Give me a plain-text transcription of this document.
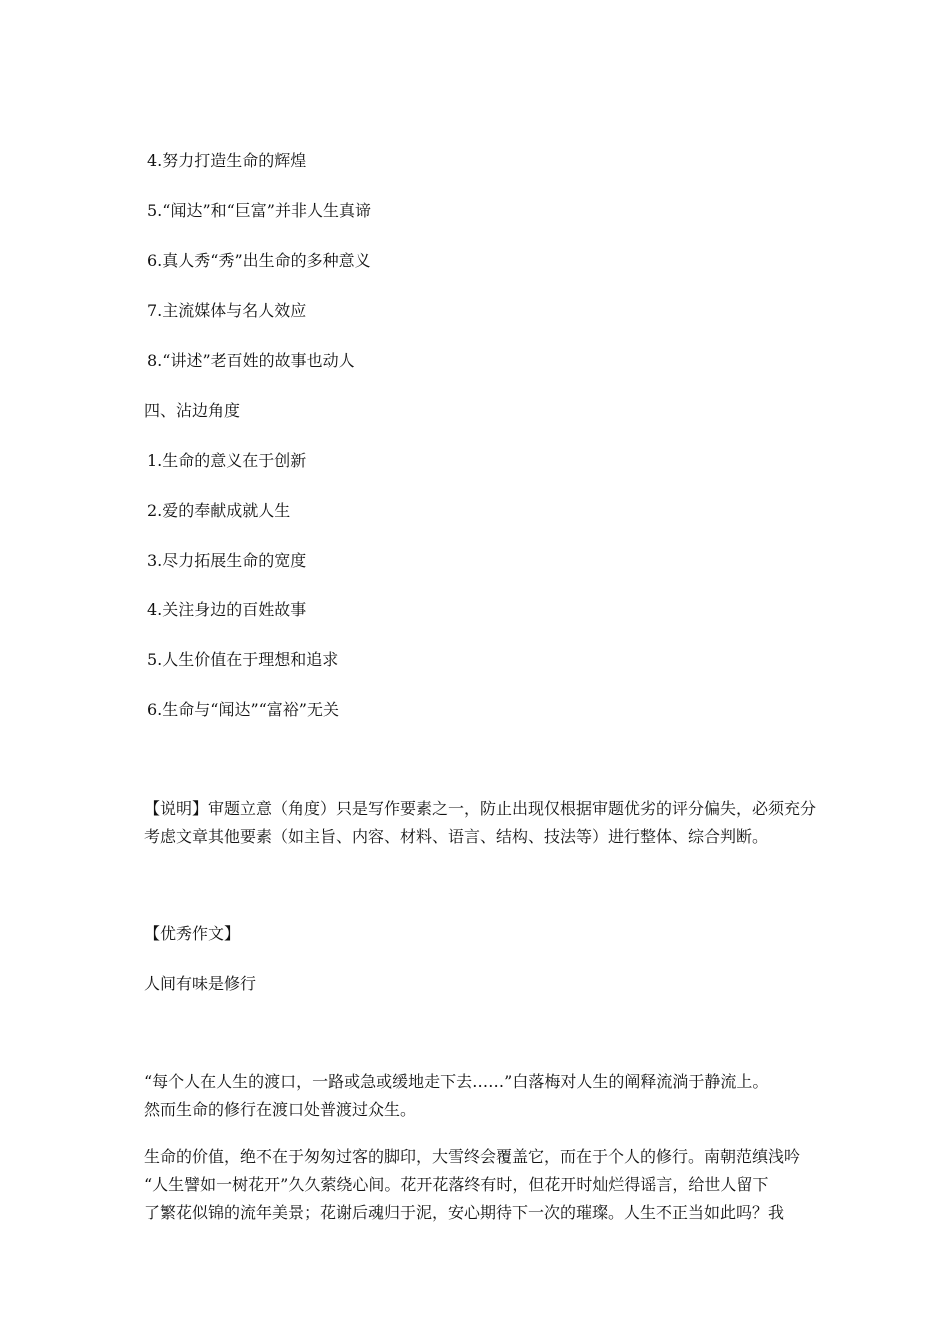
4.努力打造生命的辉煌
5.“闻达”和“巨富”并非人生真谛
6.真人秀“秀”出生命的多种意义
7.主流媒体与名人效应
8.“讲述”老百姓的故事也动人
四、沾边角度
1.生命的意义在于创新
2.爱的奉献成就人生
3.尽力拓展生命的宽度
4.关注身边的百姓故事
5.人生价值在于理想和追求
6.生命与“闻达”“富裕”无关

【说明】审题立意（角度）只是写作要素之一，防止出现仅根据审题优劣的评分偏失，必须充分

考虑文章其他要素（如主旨、内容、材料、语言、结构、技法等）进行整体、综合判断。

【优秀作文】
人间有味是修行

“每个人在人生的渡口，一路或急或缓地走下去……”白落梅对人生的阐释流淌于静流上。

然而生命的修行在渡口处普渡过众生。

生命的价值，绝不在于匆匆过客的脚印，大雪终会覆盖它，而在于个人的修行。南朝范缜浅吟

“人生譬如一树花开”久久萦绕心间。花开花落终有时，但花开时灿烂得谣言，给世人留下

了繁花似锦的流年美景；花谢后魂归于泥，安心期待下一次的璀璨。人生不正当如此吗？我
